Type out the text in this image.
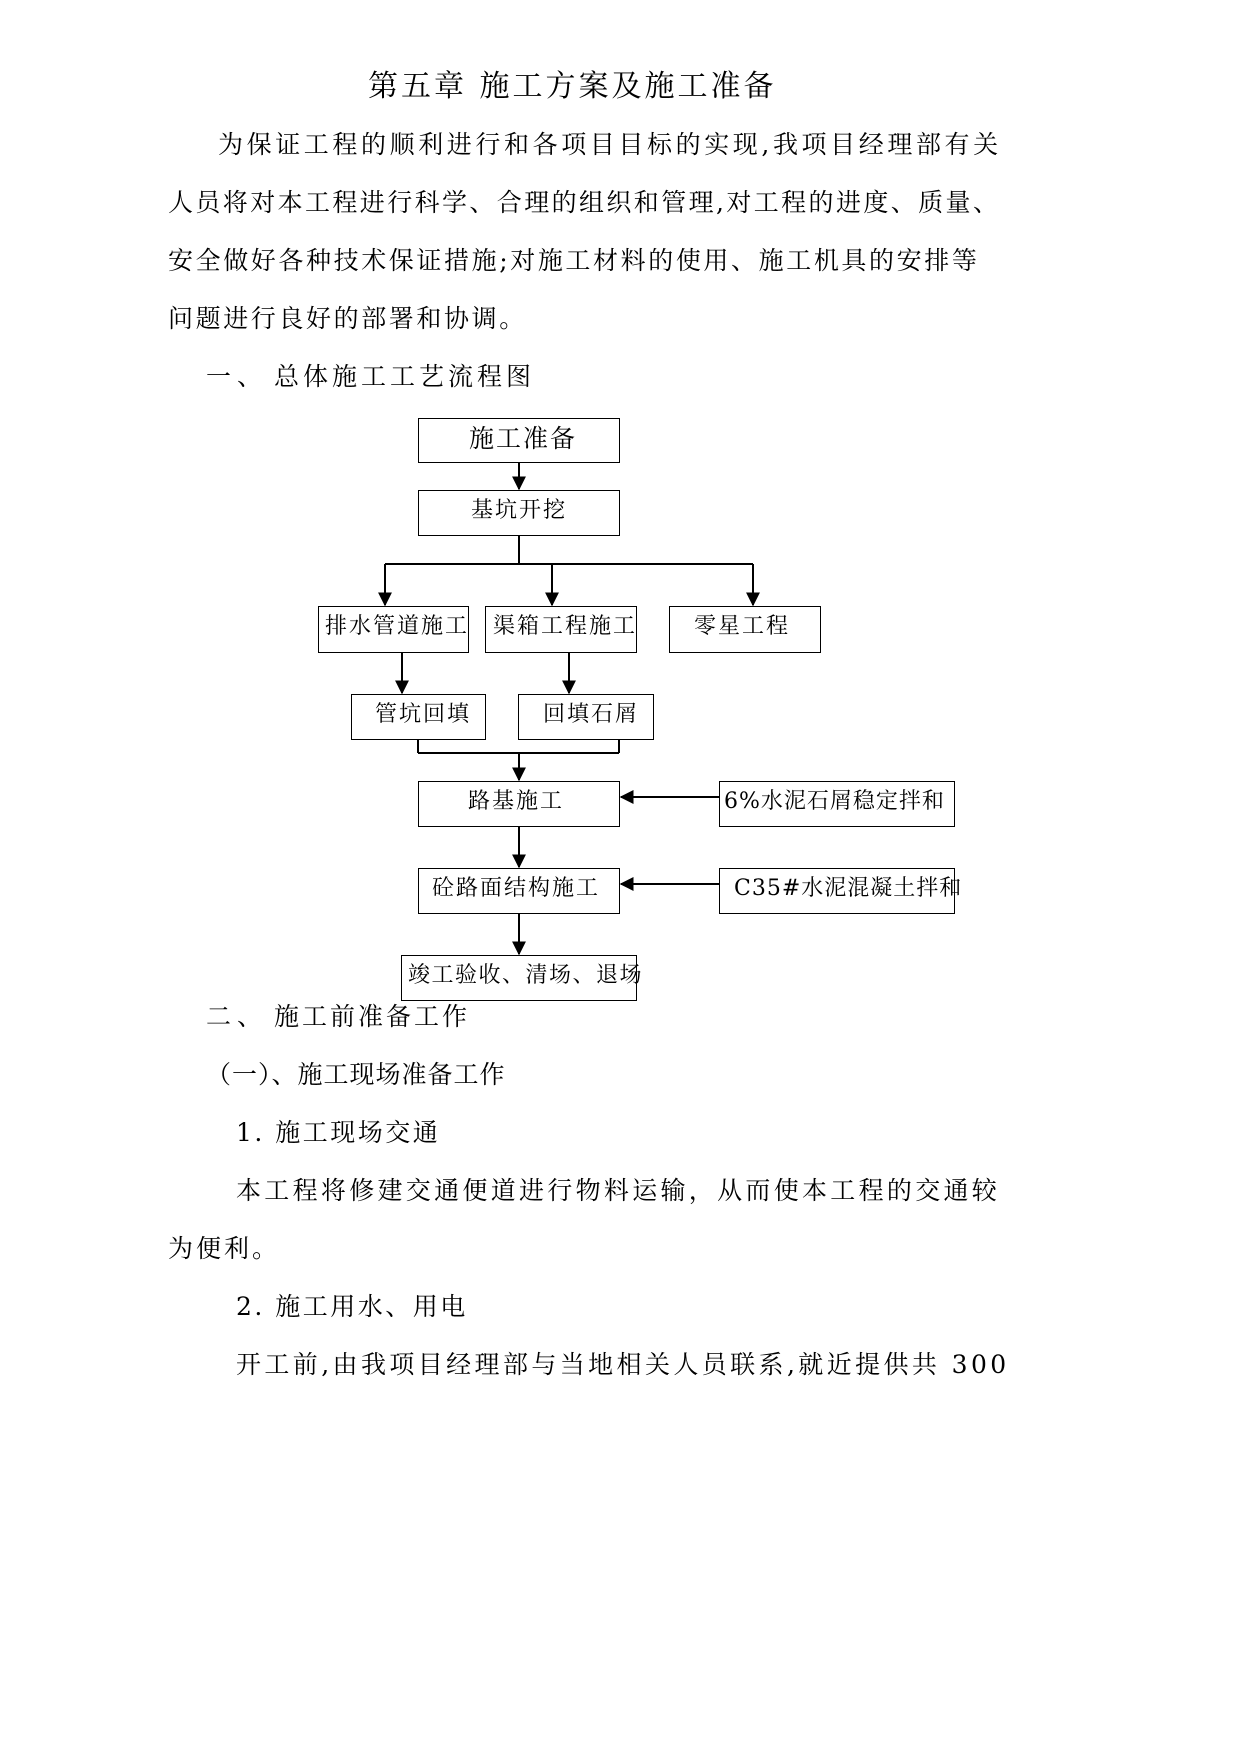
第五章 施工方案及施工准备
为保证工程的顺利进行和各项目目标的实现,我项目经理部有关
人员将对本工程进行科学、合理的组织和管理,对工程的进度、质量、
安全做好各种技术保证措施;对施工材料的使用、施工机具的安排等
问题进行良好的部署和协调。
一、 总体施工工艺流程图
施工准备
基坑开挖
排水管道施工 渠箱工程施工	零星工程
管坑回填	回填石屑
路基施工	6%水泥石屑稳定拌和
砼路面结构施工	C35#水泥混凝土拌和
竣工验收、清场、退场
二、 施工前准备工作
（一）、施工现场准备工作
1. 施工现场交通
本工程将修建交通便道进行物料运输，从而使本工程的交通较
为便利。
2. 施工用水、用电
开工前,由我项目经理部与当地相关人员联系,就近提供共 300
